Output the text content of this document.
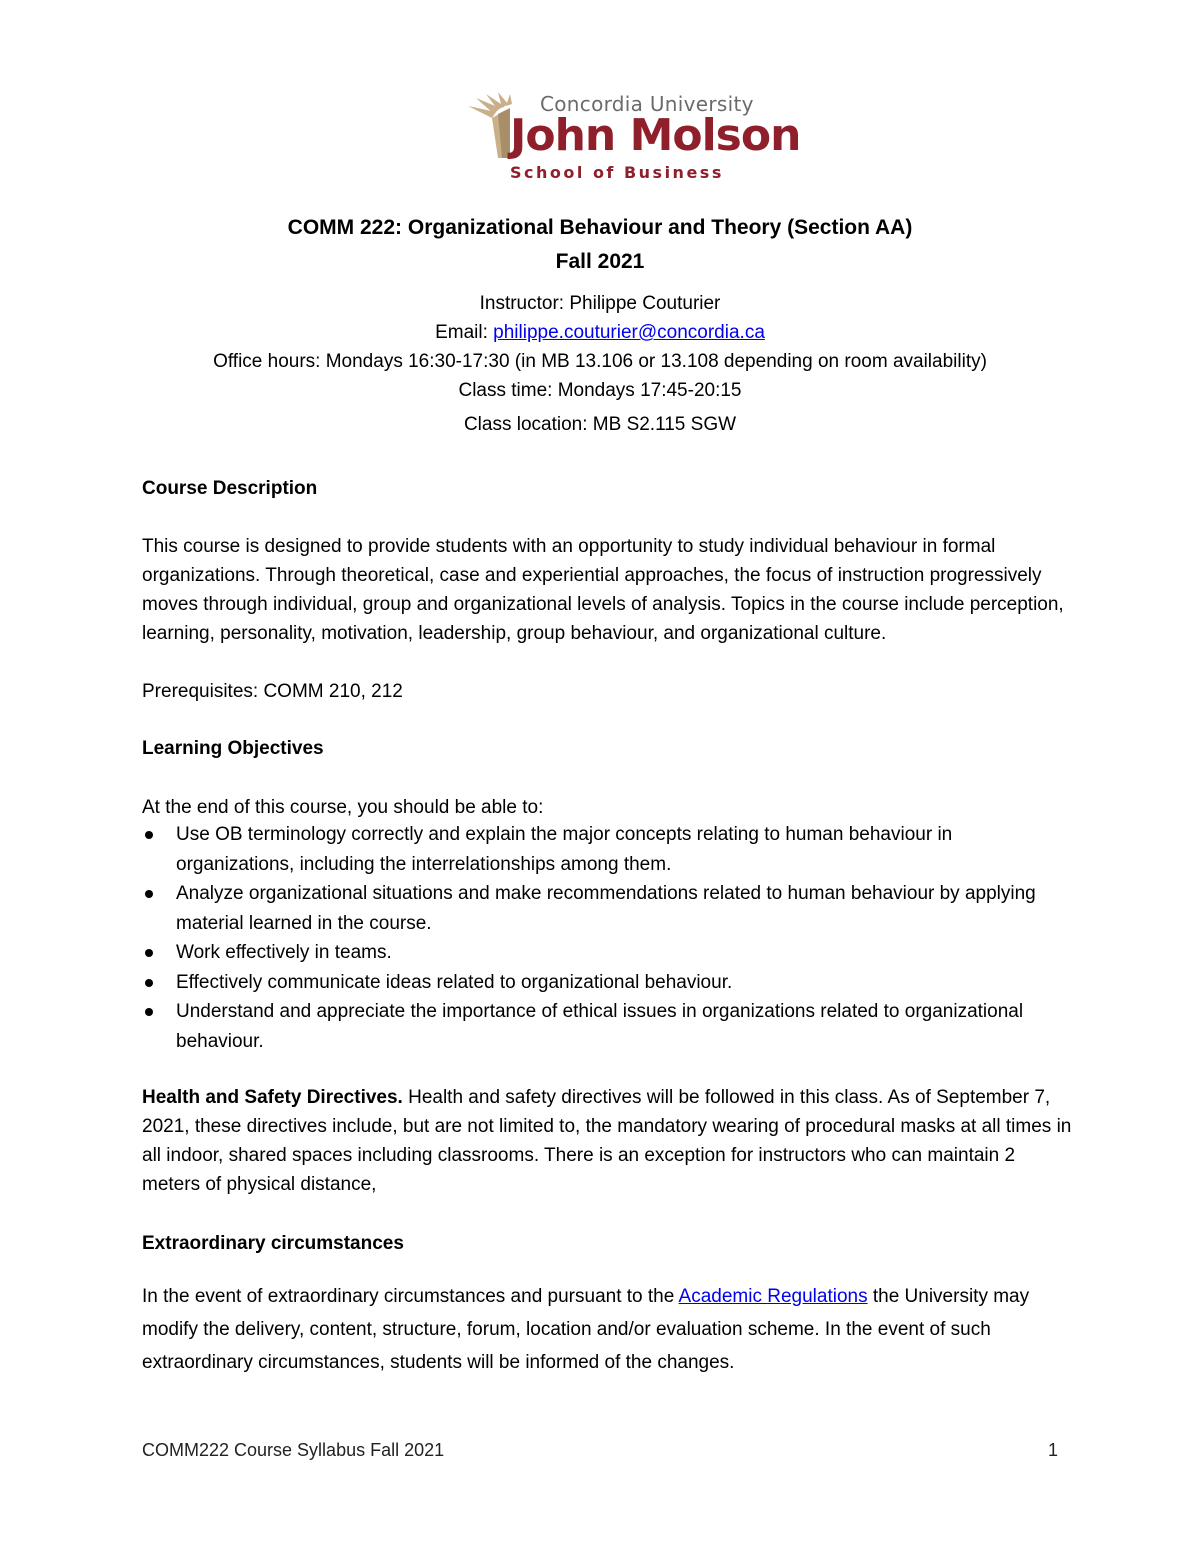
Concordia University
John Molson
School of Business
COMM 222: Organizational Behaviour and Theory (Section AA)
Fall 2021
Instructor: Philippe Couturier
Email: philippe.couturier@concordia.ca
Office hours: Mondays 16:30-17:30 (in MB 13.106 or 13.108 depending on room availability)
Class time: Mondays 17:45-20:15
Class location: MB S2.115 SGW
Course Description
This course is designed to provide students with an opportunity to study individual behaviour in formal organizations. Through theoretical, case and experiential approaches, the focus of instruction progressively moves through individual, group and organizational levels of analysis. Topics in the course include perception, learning, personality, motivation, leadership, group behaviour, and organizational culture.
Prerequisites: COMM 210, 212
Learning Objectives
At the end of this course, you should be able to:
Use OB terminology correctly and explain the major concepts relating to human behaviour in organizations, including the interrelationships among them.
Analyze organizational situations and make recommendations related to human behaviour by applying material learned in the course.
Work effectively in teams.
Effectively communicate ideas related to organizational behaviour.
Understand and appreciate the importance of ethical issues in organizations related to organizational behaviour.
Health and Safety Directives. Health and safety directives will be followed in this class. As of September 7, 2021, these directives include, but are not limited to, the mandatory wearing of procedural masks at all times in all indoor, shared spaces including classrooms. There is an exception for instructors who can maintain 2 meters of physical distance,
Extraordinary circumstances
In the event of extraordinary circumstances and pursuant to the Academic Regulations the University may modify the delivery, content, structure, forum, location and/or evaluation scheme. In the event of such extraordinary circumstances, students will be informed of the changes.
COMM222 Course Syllabus Fall 2021	1
